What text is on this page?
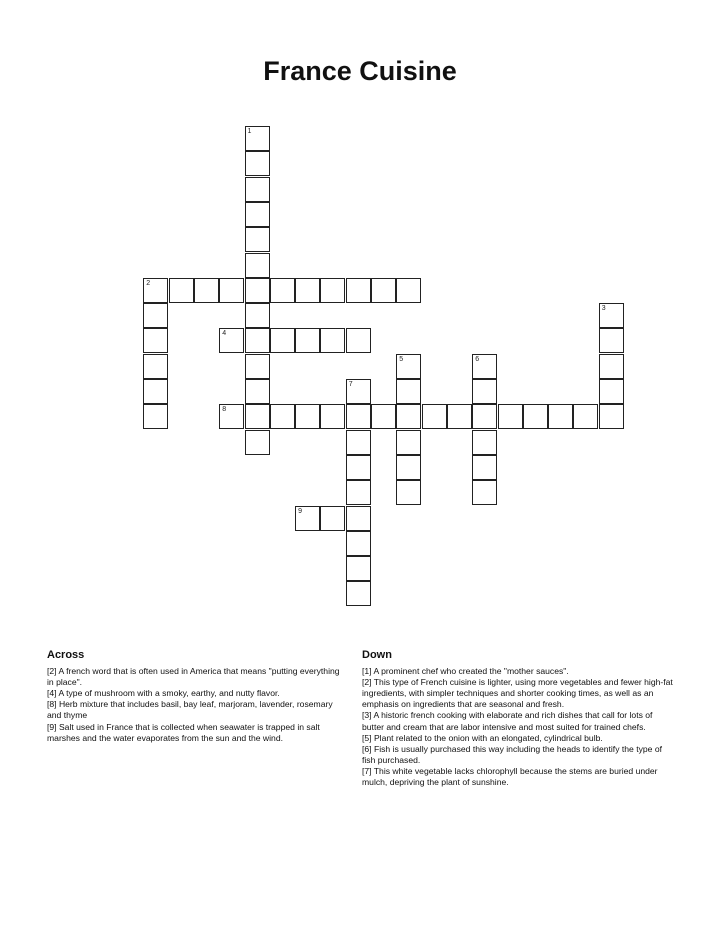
France Cuisine
1
2
3
4
5	6
7
8
9
Across

[2] A french word that is often used in America that means "putting everything in place".

[4] A type of mushroom with a smoky, earthy, and nutty flavor.

[8] Herb mixture that includes basil, bay leaf, marjoram, lavender, rosemary and thyme

[9] Salt used in France that is collected when seawater is trapped in salt marshes and the water evaporates from the sun and the wind.

Down

[1] A prominent chef who created the "mother sauces".

[2] This type of French cuisine is lighter, using more vegetables and fewer high-fat ingredients, with simpler techniques and shorter cooking times, as well as an emphasis on ingredients that are seasonal and fresh.

[3] A historic french cooking with elaborate and rich dishes that call for lots of butter and cream that are labor intensive and most suited for trained chefs.

[5] Plant related to the onion with an elongated, cylindrical bulb.

[6] Fish is usually purchased this way including the heads to identify the type of fish purchased.

[7] This white vegetable lacks chlorophyll because the stems are buried under mulch, depriving the plant of sunshine.
